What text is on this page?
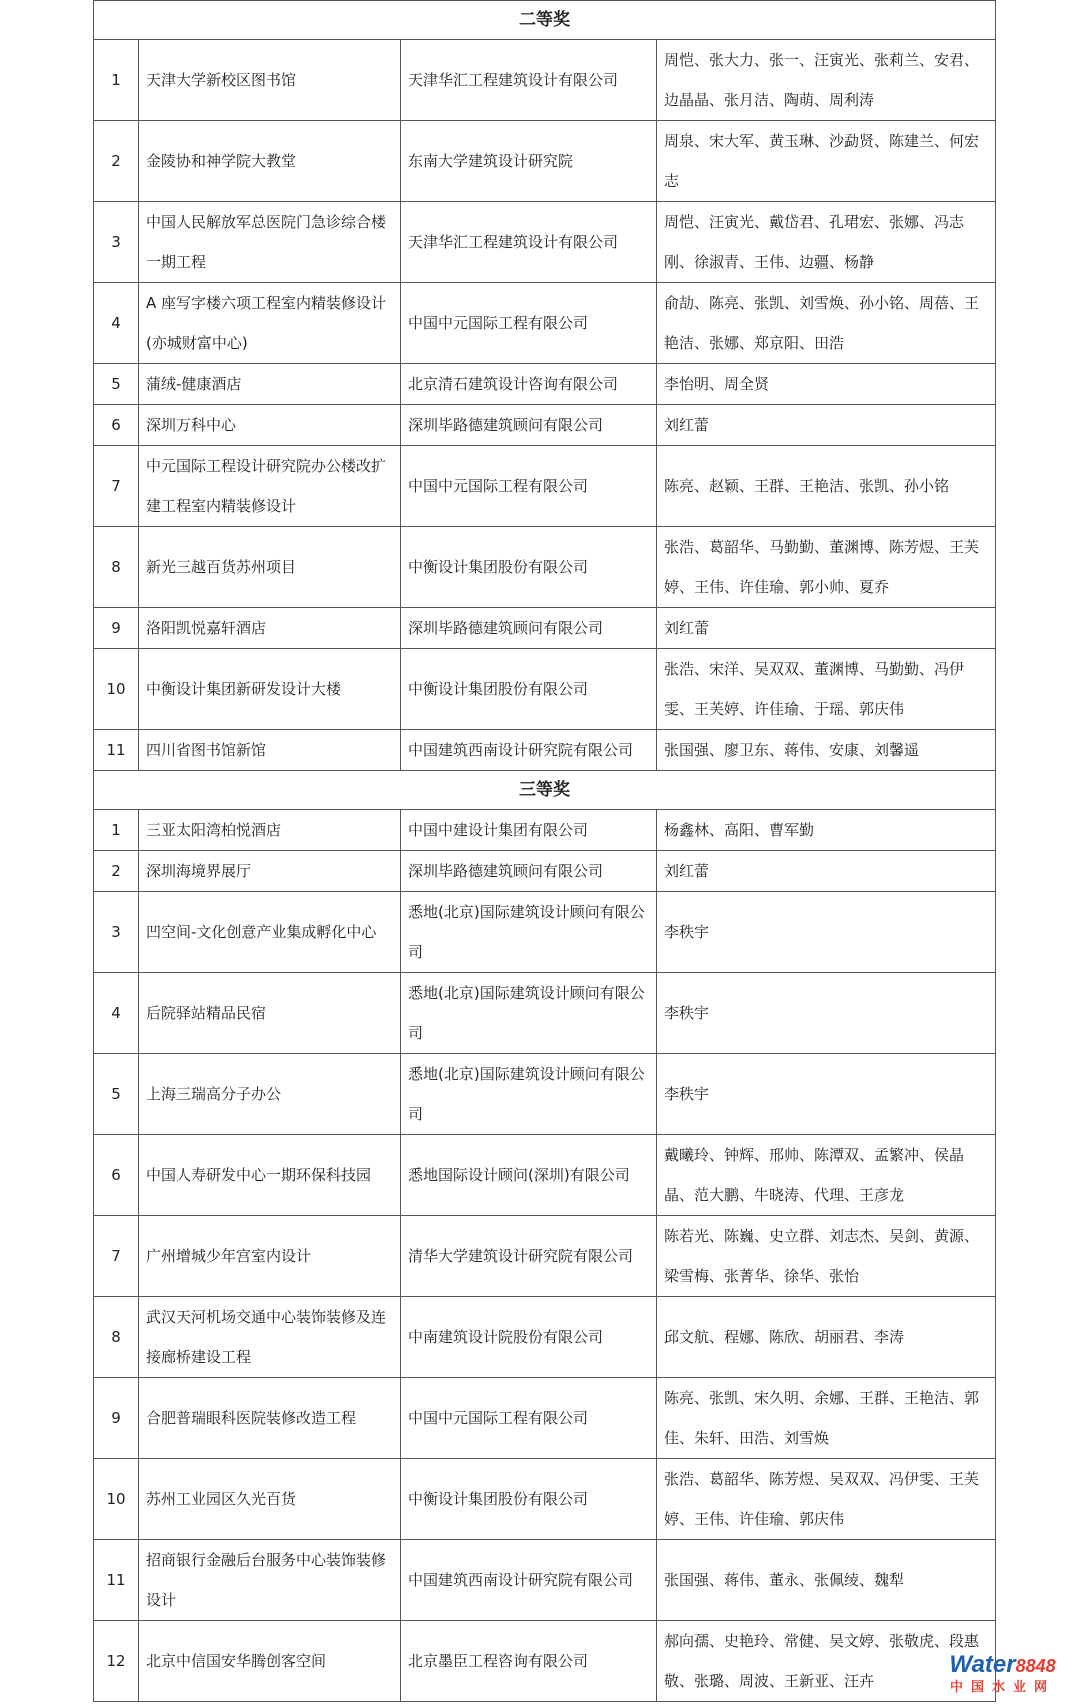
二等奖			
1	天津大学新校区图书馆	天津华汇工程建筑设计有限公司	周恺、张大力、张一、汪寅光、张莉兰、安君、边晶晶、张月洁、陶萌、周利涛
2	金陵协和神学院大教堂	东南大学建筑设计研究院	周泉、宋大军、黄玉琳、沙勐贤、陈建兰、何宏志
3	中国人民解放军总医院门急诊综合楼一期工程	天津华汇工程建筑设计有限公司	周恺、汪寅光、戴岱君、孔珺宏、张娜、冯志刚、徐淑青、王伟、边疆、杨静
4	A 座写字楼六项工程室内精装修设计(亦城财富中心)	中国中元国际工程有限公司	俞劼、陈亮、张凯、刘雪焕、孙小铭、周蓓、王艳洁、张娜、郑京阳、田浩
5	蒲绒-健康酒店	北京清石建筑设计咨询有限公司	李怡明、周全贤
6	深圳万科中心	深圳毕路德建筑顾问有限公司	刘红蕾
7	中元国际工程设计研究院办公楼改扩建工程室内精装修设计	中国中元国际工程有限公司	陈亮、赵颖、王群、王艳洁、张凯、孙小铭
8	新光三越百货苏州项目	中衡设计集团股份有限公司	张浩、葛韶华、马勤勤、董渊博、陈芳煜、王芙婷、王伟、许佳瑜、郭小帅、夏乔
9	洛阳凯悦嘉轩酒店	深圳毕路德建筑顾问有限公司	刘红蕾
10	中衡设计集团新研发设计大楼	中衡设计集团股份有限公司	张浩、宋洋、吴双双、董渊博、马勤勤、冯伊雯、王芙婷、许佳瑜、于瑶、郭庆伟
11	四川省图书馆新馆	中国建筑西南设计研究院有限公司	张国强、廖卫东、蒋伟、安康、刘馨遥
三等奖			
1	三亚太阳湾柏悦酒店	中国中建设计集团有限公司	杨鑫林、高阳、曹军勤
2	深圳海境界展厅	深圳毕路德建筑顾问有限公司	刘红蕾
3	凹空间-文化创意产业集成孵化中心	悉地(北京)国际建筑设计顾问有限公司	李秩宇
4	后院驿站精品民宿	悉地(北京)国际建筑设计顾问有限公司	李秩宇
5	上海三瑞高分子办公	悉地(北京)国际建筑设计顾问有限公司	李秩宇
6	中国人寿研发中心一期环保科技园	悉地国际设计顾问(深圳)有限公司	戴曦玲、钟辉、邢帅、陈潭双、孟繁冲、侯晶晶、范大鹏、牛晓涛、代理、王彦龙
7	广州增城少年宫室内设计	清华大学建筑设计研究院有限公司	陈若光、陈巍、史立群、刘志杰、吴剑、黄源、梁雪梅、张菁华、徐华、张怡
8	武汉天河机场交通中心装饰装修及连接廊桥建设工程	中南建筑设计院股份有限公司	邱文航、程娜、陈欣、胡丽君、李涛
9	合肥普瑞眼科医院装修改造工程	中国中元国际工程有限公司	陈亮、张凯、宋久明、余娜、王群、王艳洁、郭佳、朱轩、田浩、刘雪焕
10	苏州工业园区久光百货	中衡设计集团股份有限公司	张浩、葛韶华、陈芳煜、吴双双、冯伊雯、王芙婷、王伟、许佳瑜、郭庆伟
11	招商银行金融后台服务中心装饰装修设计	中国建筑西南设计研究院有限公司	张国强、蒋伟、董永、张佩绫、魏犁
12	北京中信国安华腾创客空间	北京墨臣工程咨询有限公司	郝向孺、史艳玲、常健、吴文婷、张敬虎、段惠敬、张璐、周波、王新亚、汪卉
Water8848
中国水业网
